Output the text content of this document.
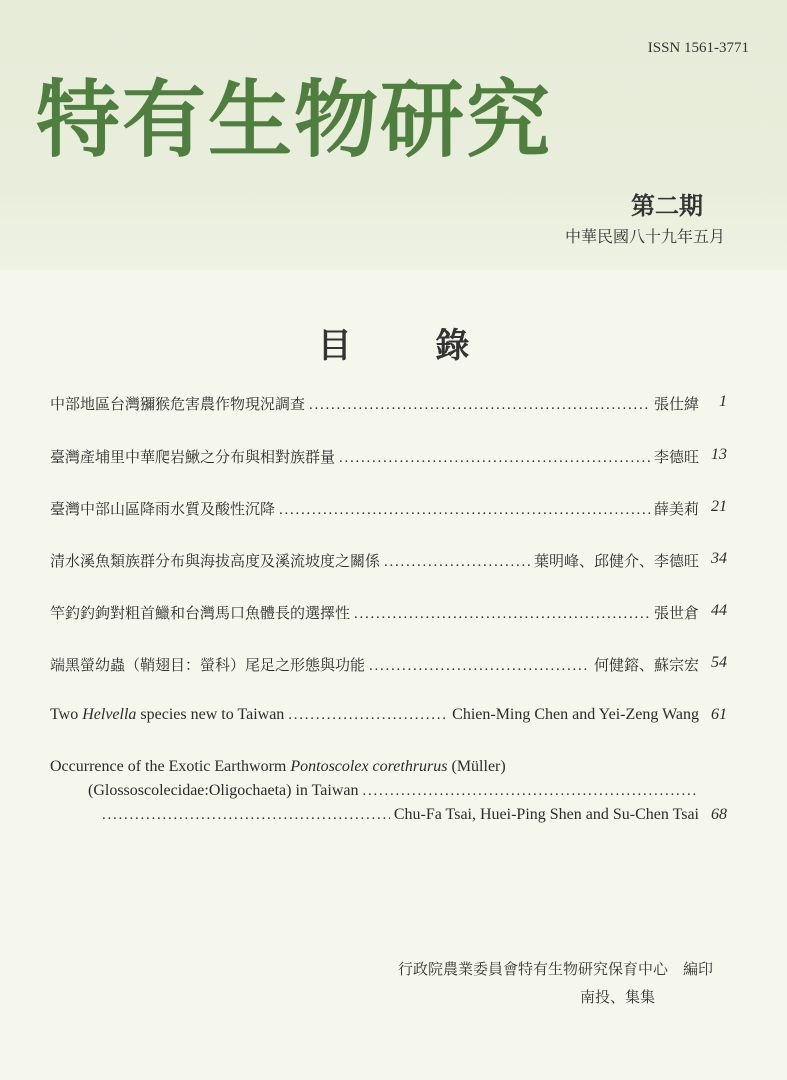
ISSN 1561-3771
特有生物研究
第二期
中華民國八十九年五月
目 錄
中部地區台灣獼猴危害農作物現況調查 . . .	張仕緯	1
臺灣產埔里中華爬岩鰍之分布與相對族群量 . . .	李德旺 13
臺灣中部山區降雨水質及酸性沉降 . . .	薛美莉 21
清水溪魚類族群分布與海拔高度及溪流坡度之關係 . . .	葉明峰、邱健介、李德旺 34
竿釣釣鉤對粗首鱲和台灣馬口魚體長的選擇性 . . .	張世倉 44
端黑螢幼蟲（鞘翅目：螢科）尾足之形態與功能 . . .	何健鎔、蘇宗宏 54
Two Helvella species new to Taiwan . . .	Chien-Ming Chen and Yei-Zeng Wang 61
Occurrence of the Exotic Earthworm Pontoscolex corethrurus (Müller)
(Glossoscolecidae:Oligochaeta) in Taiwan
. . .
. . .
Chu-Fa Tsai, Huei-Ping Shen and Su-Chen Tsai 68
行政院農業委員會特有生物研究保育中心　編印
南投、集集
